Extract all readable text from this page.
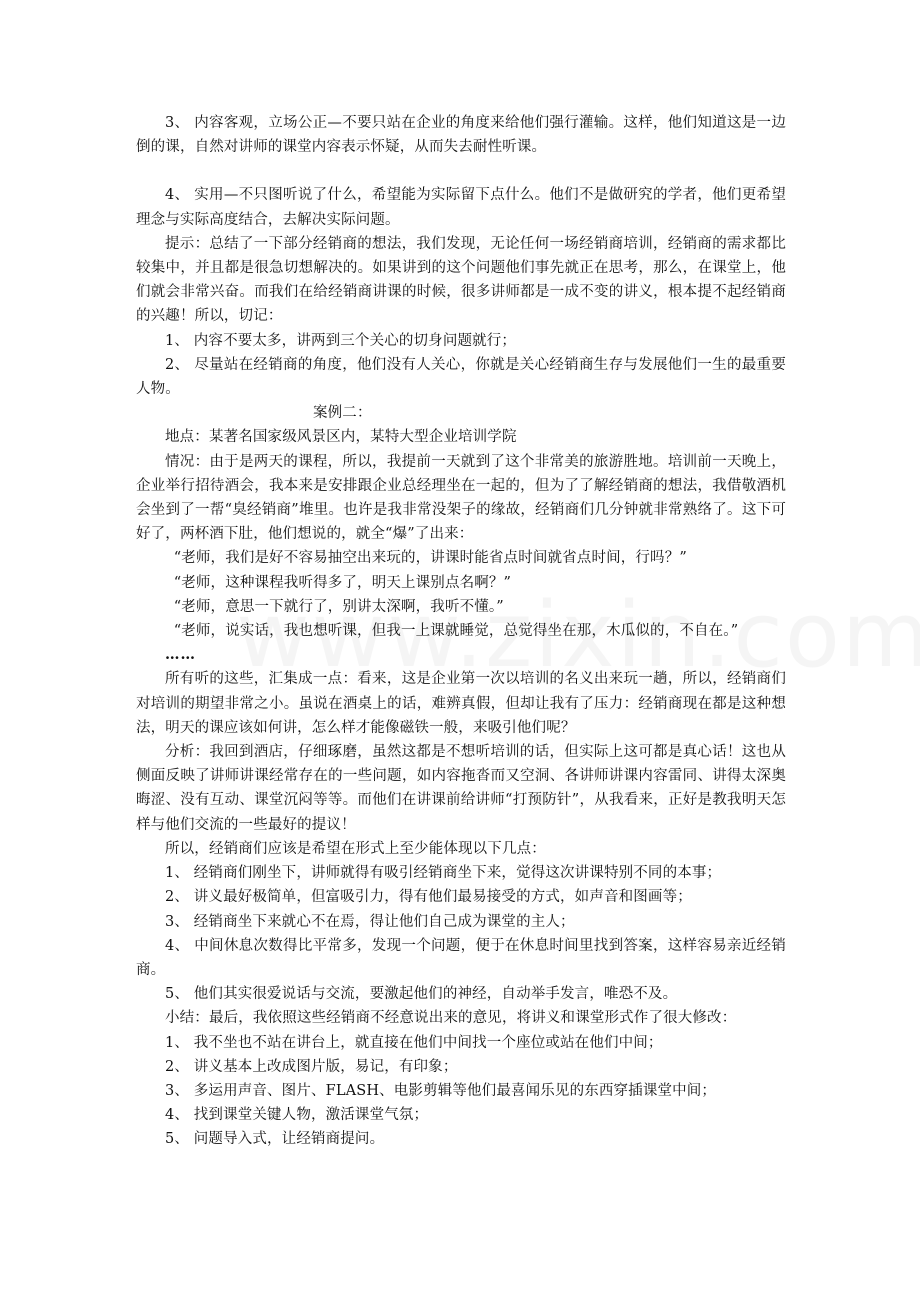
3、 内容客观，立场公正—不要只站在企业的角度来给他们强行灌输。这样，他们知道这是一边倒的课，自然对讲师的课堂内容表示怀疑，从而失去耐性听课。

4、 实用—不只图听说了什么，希望能为实际留下点什么。他们不是做研究的学者，他们更希望理念与实际高度结合，去解决实际问题。

提示：总结了一下部分经销商的想法，我们发现，无论任何一场经销商培训，经销商的需求都比较集中，并且都是很急切想解决的。如果讲到的这个问题他们事先就正在思考，那么，在课堂上，他们就会非常兴奋。而我们在给经销商讲课的时候，很多讲师都是一成不变的讲义，根本提不起经销商的兴趣！所以，切记：

1、 内容不要太多，讲两到三个关心的切身问题就行；

2、 尽量站在经销商的角度，他们没有人关心，你就是关心经销商生存与发展他们一生的最重要人物。

案例二：

地点：某著名国家级风景区内，某特大型企业培训学院

情况：由于是两天的课程，所以，我提前一天就到了这个非常美的旅游胜地。培训前一天晚上，企业举行招待酒会，我本来是安排跟企业总经理坐在一起的，但为了了解经销商的想法，我借敬酒机会坐到了一帮“臭经销商”堆里。也许是我非常没架子的缘故，经销商们几分钟就非常熟络了。这下可好了，两杯酒下肚，他们想说的，就全“爆”了出来：

“老师，我们是好不容易抽空出来玩的，讲课时能省点时间就省点时间，行吗？”

“老师，这种课程我听得多了，明天上课别点名啊？”

“老师，意思一下就行了，别讲太深啊，我听不懂。”

“老师，说实话，我也想听课，但我一上课就睡觉，总觉得坐在那，木瓜似的，不自在。”

……

所有听的这些，汇集成一点：看来，这是企业第一次以培训的名义出来玩一趟，所以，经销商们对培训的期望非常之小。虽说在酒桌上的话，难辨真假，但却让我有了压力：经销商现在都是这种想法，明天的课应该如何讲，怎么样才能像磁铁一般，来吸引他们呢？

分析：我回到酒店，仔细琢磨，虽然这都是不想听培训的话，但实际上这可都是真心话！这也从侧面反映了讲师讲课经常存在的一些问题，如内容拖沓而又空洞、各讲师讲课内容雷同、讲得太深奥晦涩、没有互动、课堂沉闷等等。而他们在讲课前给讲师“打预防针”，从我看来，正好是教我明天怎样与他们交流的一些最好的提议！

所以，经销商们应该是希望在形式上至少能体现以下几点：

1、 经销商们刚坐下，讲师就得有吸引经销商坐下来，觉得这次讲课特别不同的本事；

2、 讲义最好极简单，但富吸引力，得有他们最易接受的方式，如声音和图画等；

3、 经销商坐下来就心不在焉，得让他们自己成为课堂的主人；

4、 中间休息次数得比平常多，发现一个问题，便于在休息时间里找到答案，这样容易亲近经销商。

5、 他们其实很爱说话与交流，要激起他们的神经，自动举手发言，唯恐不及。

小结：最后，我依照这些经销商不经意说出来的意见，将讲义和课堂形式作了很大修改：

1、 我不坐也不站在讲台上，就直接在他们中间找一个座位或站在他们中间；

2、 讲义基本上改成图片版，易记，有印象；

3、 多运用声音、图片、FLASH、电影剪辑等他们最喜闻乐见的东西穿插课堂中间；

4、 找到课堂关键人物，激活课堂气氛；

5、 问题导入式，让经销商提问。
